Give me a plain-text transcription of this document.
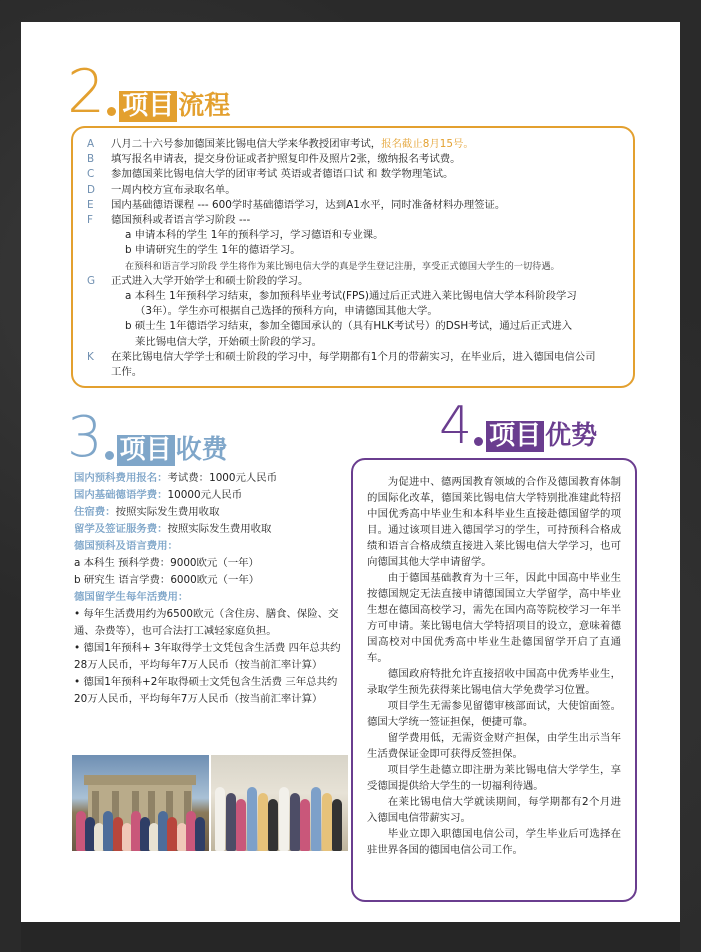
2 项目 流程
A	八月二十六号参加德国莱比锡电信大学来华教授团审考试，报名截止8月15号。
B	填写报名申请表，提交身份证或者护照复印件及照片2张，缴纳报名考试费。
C	参加德国莱比锡电信大学的团审考试 英语或者德语口试 和 数学物理笔试。
D	一周内校方宣布录取名单。
E	国内基础德语课程 --- 600学时基础德语学习，达到A1水平，同时准备材料办理签证。
F	德国预科或者语言学习阶段 ---
a 申请本科的学生 1年的预科学习，学习德语和专业课。
b 申请研究生的学生 1年的德语学习。
在预科和语言学习阶段 学生将作为莱比锡电信大学的真是学生登记注册，享受正式德国大学生的一切待遇。
G	正式进入大学开始学士和硕士阶段的学习。
a 本科生 1年预科学习结束，参加预科毕业考试(FPS)通过后正式进入莱比锡电信大学本科阶段学习
（3年）。学生亦可根据自己选择的预科方向，申请德国其他大学。
b 硕士生 1年德语学习结束，参加全德国承认的（具有HLK考试号）的DSH考试，通过后正式进入
莱比锡电信大学，开始硕士阶段的学习。
K	在莱比锡电信大学学士和硕士阶段的学习中，每学期都有1个月的带薪实习，在毕业后，进入德国电信公司
工作。
3 项目 收费
国内预科费用报名：考试费：1000元人民币
国内基础德语学费：10000元人民币
住宿费：按照实际发生费用收取
留学及签证服务费：按照实际发生费用收取
德国预科及语言费用：
a 本科生 预科学费：9000欧元（一年）
b 研究生 语言学费：6000欧元（一年）
德国留学生每年活费用：
• 每年生活费用约为6500欧元（含住房、膳食、保险、交通、杂费等），也可合法打工减轻家庭负担。
• 德国1年预科+ 3年取得学士文凭包含生活费 四年总共约 28万人民币，平均每年7万人民币（按当前汇率计算）
• 德国1年预科+2年取得硕士文凭包含生活费 三年总共约 20万人民币，平均每年7万人民币（按当前汇率计算）
4 项目 优势

为促进中、德两国教育领域的合作及德国教育体制的国际化改革，德国莱比锡电信大学特别批准建此特招中国优秀高中毕业生和本科毕业生直接赴德国留学的项目。通过该项目进入德国学习的学生，可持预科合格成绩和语言合格成绩直接进入莱比锡电信大学学习，也可向德国其他大学申请留学。

由于德国基础教育为十三年，因此中国高中毕业生按德国规定无法直接申请德国国立大学留学，高中毕业生想在德国高校学习，需先在国内高等院校学习一年半方可申请。莱比锡电信大学特招项目的设立，意味着德国高校对中国优秀高中毕业生赴德国留学开启了直通车。

德国政府特批允许直接招收中国高中优秀毕业生，录取学生预先获得莱比锡电信大学免费学习位置。

项目学生无需参见留德审核部面试，大使馆面签。德国大学统一签证担保，便捷可靠。

留学费用低，无需资金财产担保，由学生出示当年生活费保证金即可获得反签担保。

项目学生赴德立即注册为莱比锡电信大学学生，享受德国提供给大学生的一切福利待遇。

在莱比锡电信大学就读期间，每学期都有2个月进入德国电信带薪实习。

毕业立即入职德国电信公司，学生毕业后可选择在驻世界各国的德国电信公司工作。
